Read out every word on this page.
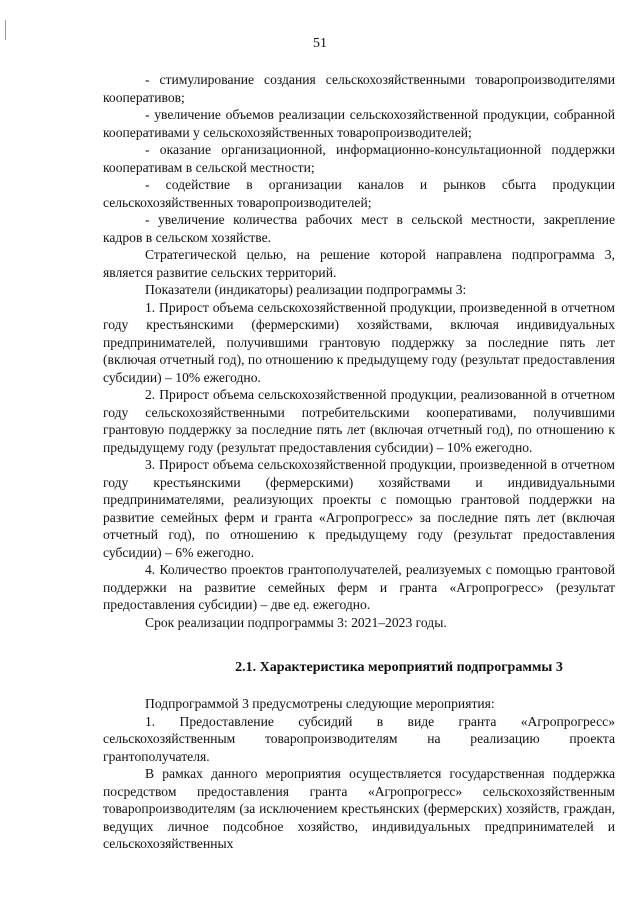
51

- стимулирование создания сельскохозяйственными товаропроизводителями кооперативов;

- увеличение объемов реализации сельскохозяйственной продукции, собранной кооперативами у сельскохозяйственных товаропроизводителей;

- оказание организационной, информационно-консультационной поддержки кооперативам в сельской местности;

- содействие в организации каналов и рынков сбыта продукции сельскохозяйственных товаропроизводителей;

- увеличение количества рабочих мест в сельской местности, закрепление кадров в сельском хозяйстве.

Стратегической целью, на решение которой направлена подпрограмма 3, является развитие сельских территорий.

Показатели (индикаторы) реализации подпрограммы 3:

1. Прирост объема сельскохозяйственной продукции, произведенной в отчетном году крестьянскими (фермерскими) хозяйствами, включая индивидуальных предпринимателей, получившими грантовую поддержку за последние пять лет (включая отчетный год), по отношению к предыдущему году (результат предоставления субсидии) – 10% ежегодно.

2. Прирост объема сельскохозяйственной продукции, реализованной в отчетном году сельскохозяйственными потребительскими кооперативами, получившими грантовую поддержку за последние пять лет (включая отчетный год), по отношению к предыдущему году (результат предоставления субсидии) – 10% ежегодно.

3. Прирост объема сельскохозяйственной продукции, произведенной в отчетном году крестьянскими (фермерскими) хозяйствами и индивидуальными предпринимателями, реализующих проекты с помощью грантовой поддержки на развитие семейных ферм и гранта «Агропрогресс» за последние пять лет (включая отчетный год), по отношению к предыдущему году (результат предоставления субсидии) – 6% ежегодно.

4. Количество проектов грантополучателей, реализуемых с помощью грантовой поддержки на развитие семейных ферм и гранта «Агропрогресс» (результат предоставления субсидии) – две ед. ежегодно.

Срок реализации подпрограммы 3: 2021–2023 годы.

2.1. Характеристика мероприятий подпрограммы 3

Подпрограммой 3 предусмотрены следующие мероприятия:

1. Предоставление субсидий в виде гранта «Агропрогресс» сельскохозяйственным товаропроизводителям на реализацию проекта грантополучателя.

В рамках данного мероприятия осуществляется государственная поддержка посредством предоставления гранта «Агропрогресс» сельскохозяйственным товаропроизводителям (за исключением крестьянских (фермерских) хозяйств, граждан, ведущих личное подсобное хозяйство, индивидуальных предпринимателей и сельскохозяйственных
